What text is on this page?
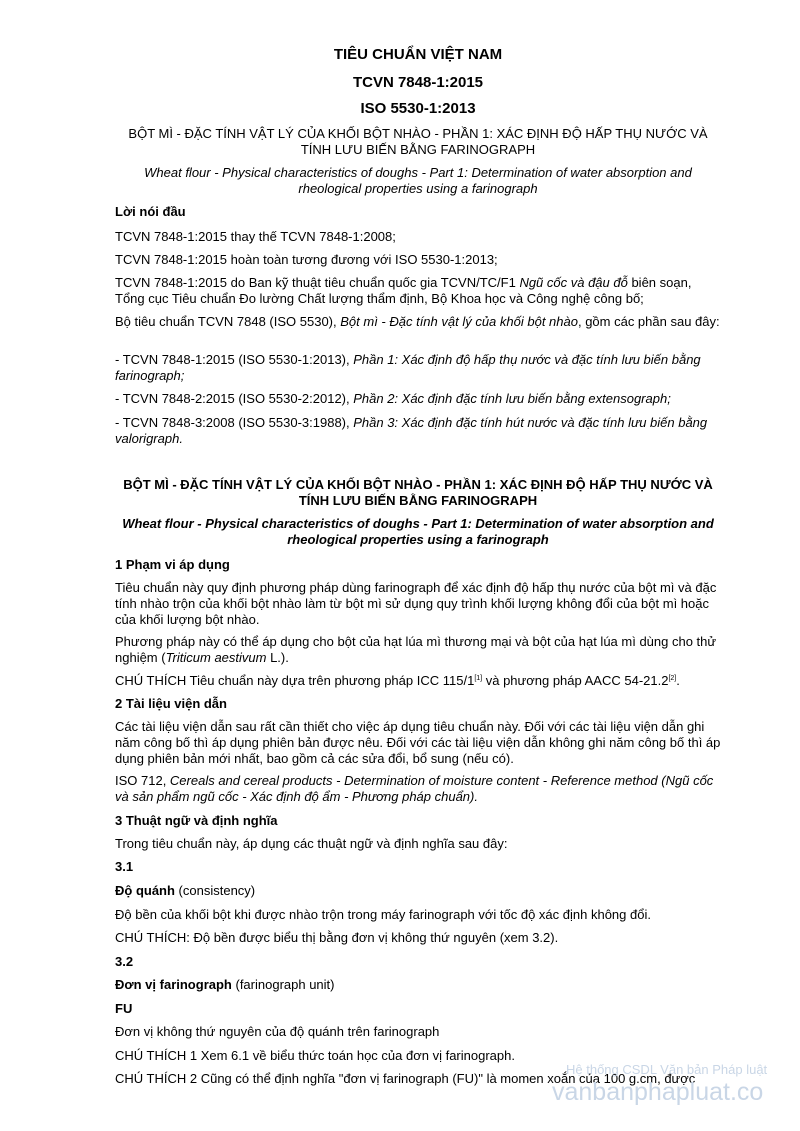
TIÊU CHUẨN VIỆT NAM
TCVN 7848-1:2015
ISO 5530-1:2013
BỘT MÌ - ĐẶC TÍNH VẬT LÝ CỦA KHỐI BỘT NHÀO - PHẦN 1: XÁC ĐỊNH ĐỘ HẤP THỤ NƯỚC VÀ TÍNH LƯU BIẾN BẰNG FARINOGRAPH
Wheat flour - Physical characteristics of doughs - Part 1: Determination of water absorption and rheological properties using a farinograph
Lời nói đầu
TCVN 7848-1:2015 thay thế TCVN 7848-1:2008;
TCVN 7848-1:2015 hoàn toàn tương đương với ISO 5530-1:2013;
TCVN 7848-1:2015 do Ban kỹ thuật tiêu chuẩn quốc gia TCVN/TC/F1 Ngũ cốc và đậu đỗ biên soạn, Tổng cục Tiêu chuẩn Đo lường Chất lượng thẩm định, Bộ Khoa học và Công nghệ công bố;
Bộ tiêu chuẩn TCVN 7848 (ISO 5530), Bột mì - Đặc tính vật lý của khối bột nhào, gồm các phần sau đây:
- TCVN 7848-1:2015 (ISO 5530-1:2013), Phần 1: Xác định độ hấp thụ nước và đặc tính lưu biến bằng farinograph;
- TCVN 7848-2:2015 (ISO 5530-2:2012), Phần 2: Xác định đặc tính lưu biến bằng extensograph;
- TCVN 7848-3:2008 (ISO 5530-3:1988), Phần 3: Xác định đặc tính hút nước và đặc tính lưu biến bằng valorigraph.
BỘT MÌ - ĐẶC TÍNH VẬT LÝ CỦA KHỐI BỘT NHÀO - PHẦN 1: XÁC ĐỊNH ĐỘ HẤP THỤ NƯỚC VÀ TÍNH LƯU BIẾN BẰNG FARINOGRAPH
Wheat flour - Physical characteristics of doughs - Part 1: Determination of water absorption and rheological properties using a farinograph
1 Phạm vi áp dụng
Tiêu chuẩn này quy định phương pháp dùng farinograph để xác định độ hấp thụ nước của bột mì và đặc tính nhào trộn của khối bột nhào làm từ bột mì sử dụng quy trình khối lượng không đổi của bột mì hoặc của khối lượng bột nhào.
Phương pháp này có thể áp dụng cho bột của hạt lúa mì thương mại và bột của hạt lúa mì dùng cho thử nghiệm (Triticum aestivum L.).
CHÚ THÍCH Tiêu chuẩn này dựa trên phương pháp ICC 115/1[1] và phương pháp AACC 54-21.2[2].
2 Tài liệu viện dẫn
Các tài liệu viện dẫn sau rất cần thiết cho việc áp dụng tiêu chuẩn này. Đối với các tài liệu viện dẫn ghi năm công bố thì áp dụng phiên bản được nêu. Đối với các tài liệu viện dẫn không ghi năm công bố thì áp dụng phiên bản mới nhất, bao gồm cả các sửa đổi, bổ sung (nếu có).
ISO 712, Cereals and cereal products - Determination of moisture content - Reference method (Ngũ cốc và sản phẩm ngũ cốc - Xác định độ ẩm - Phương pháp chuẩn).
3 Thuật ngữ và định nghĩa
Trong tiêu chuẩn này, áp dụng các thuật ngữ và định nghĩa sau đây:
3.1
Độ quánh (consistency)
Độ bền của khối bột khi được nhào trộn trong máy farinograph với tốc độ xác định không đổi.
CHÚ THÍCH: Độ bền được biểu thị bằng đơn vị không thứ nguyên (xem 3.2).
3.2
Đơn vị farinograph (farinograph unit)
FU
Đơn vị không thứ nguyên của độ quánh trên farinograph
CHÚ THÍCH 1 Xem 6.1 về biểu thức toán học của đơn vị farinograph.
CHÚ THÍCH 2 Cũng có thể định nghĩa "đơn vị farinograph (FU)" là momen xoắn của 100 g.cm, được
Hệ thống CSDL Văn bản Pháp luật
vanbanphapluat.co
